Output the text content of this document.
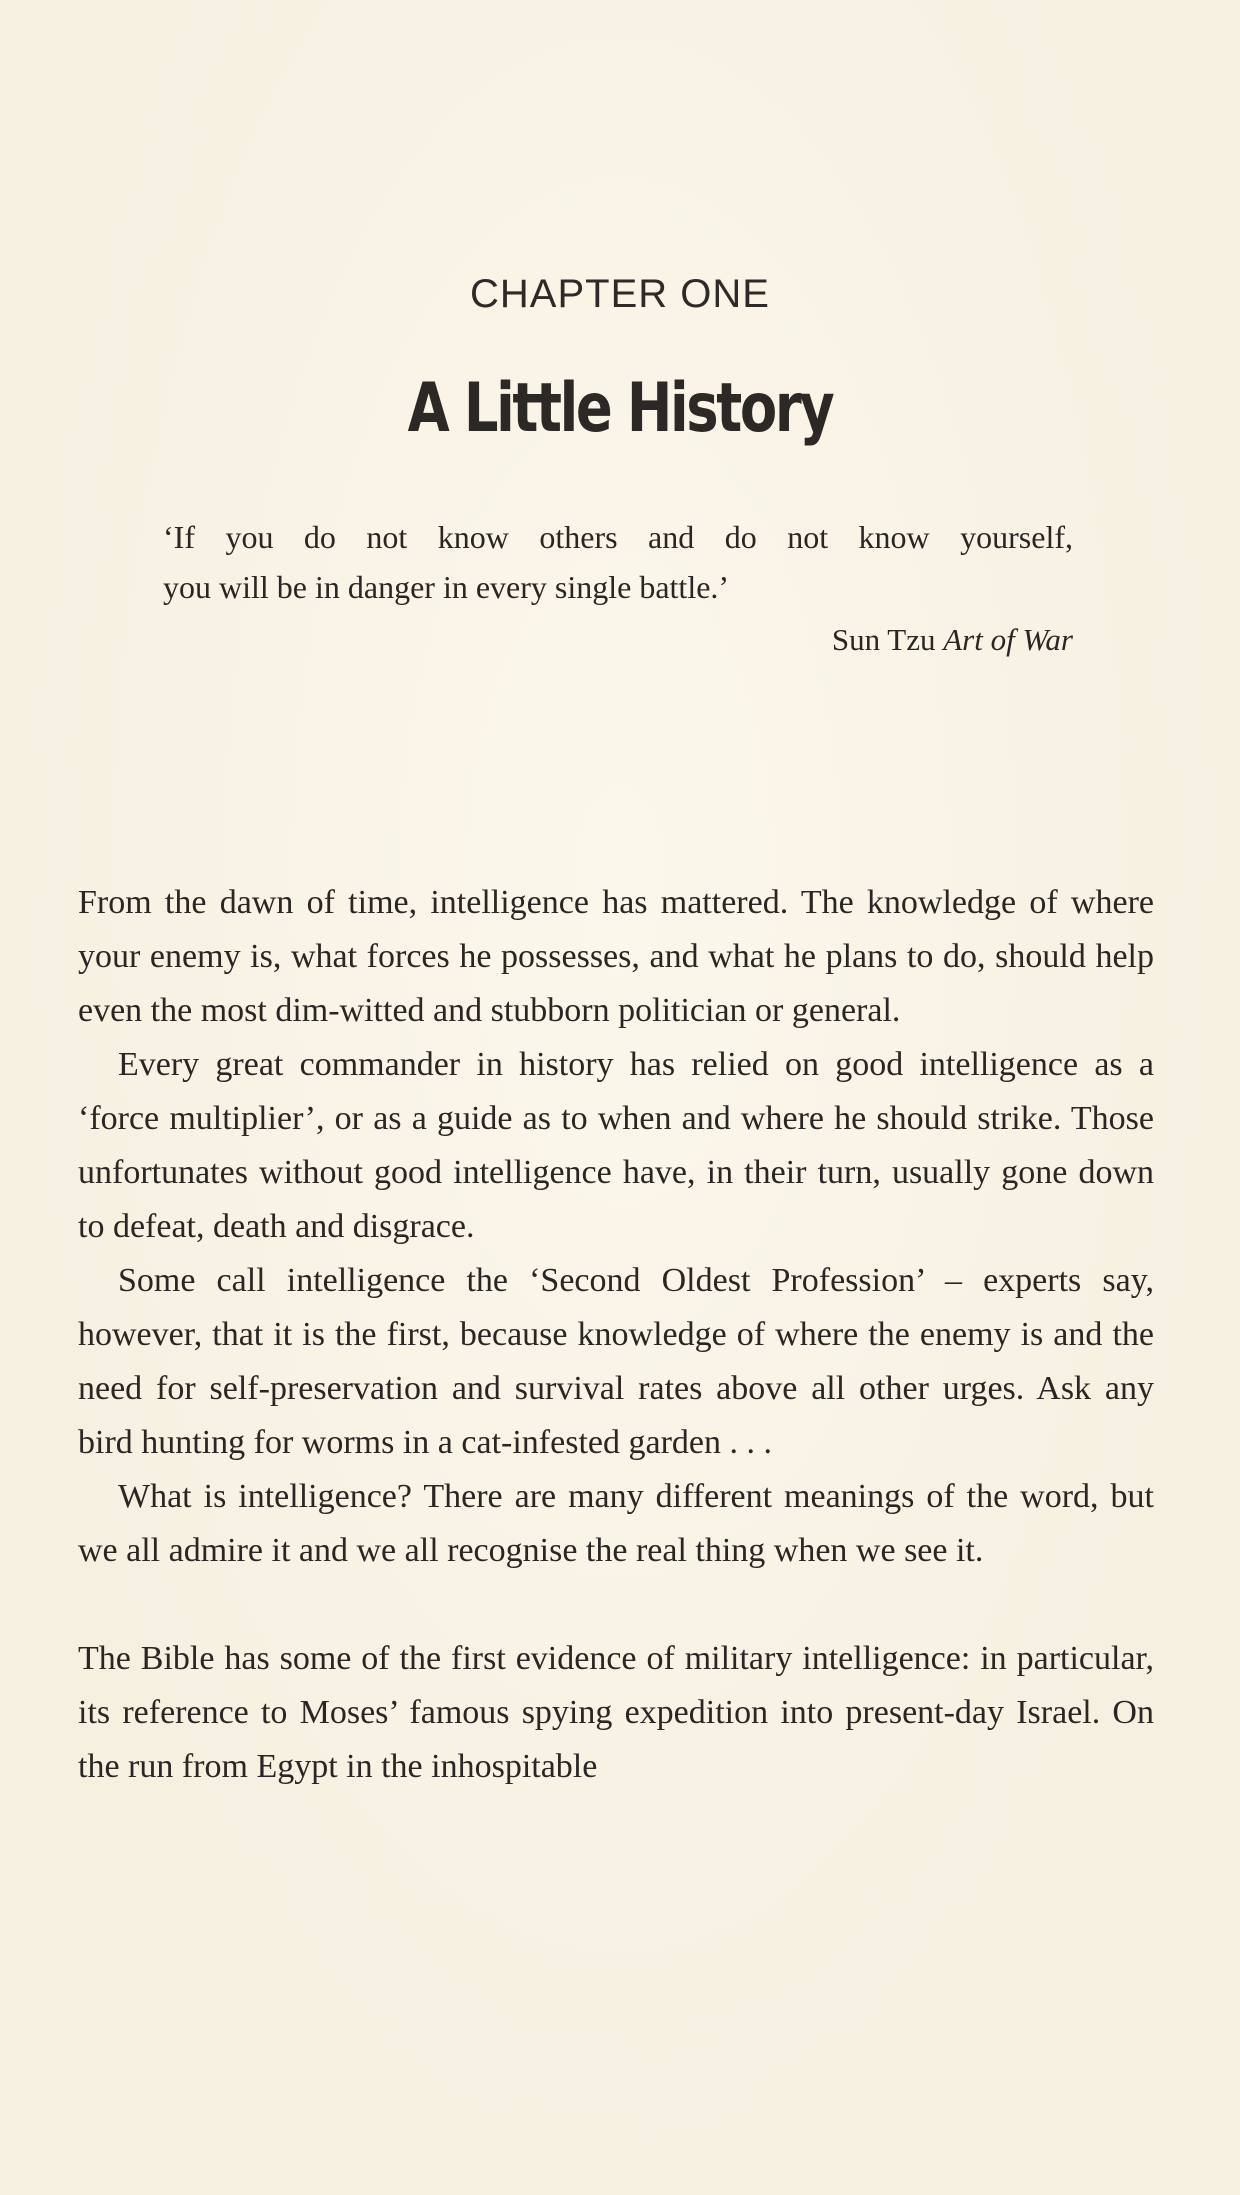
CHAPTER ONE
A Little History
‘If you do not know others and do not know yourself,
you will be in danger in every single battle.’
Sun Tzu Art of War

From the dawn of time, intelligence has mattered. The knowledge of where your enemy is, what forces he possesses, and what he plans to do, should help even the most dim-witted and stubborn politician or general.

Every great commander in history has relied on good intelligence as a ‘force multiplier’, or as a guide as to when and where he should strike. Those unfortunates without good intelligence have, in their turn, usually gone down to defeat, death and disgrace.

Some call intelligence the ‘Second Oldest Profession’ – experts say, however, that it is the first, because knowledge of where the enemy is and the need for self-preservation and survival rates above all other urges. Ask any bird hunting for worms in a cat-infested garden . . .

What is intelligence? There are many different meanings of the word, but we all admire it and we all recognise the real thing when we see it.

The Bible has some of the first evidence of military intelligence: in particular, its reference to Moses’ famous spying expedition into present-day Israel. On the run from Egypt in the inhospitable
